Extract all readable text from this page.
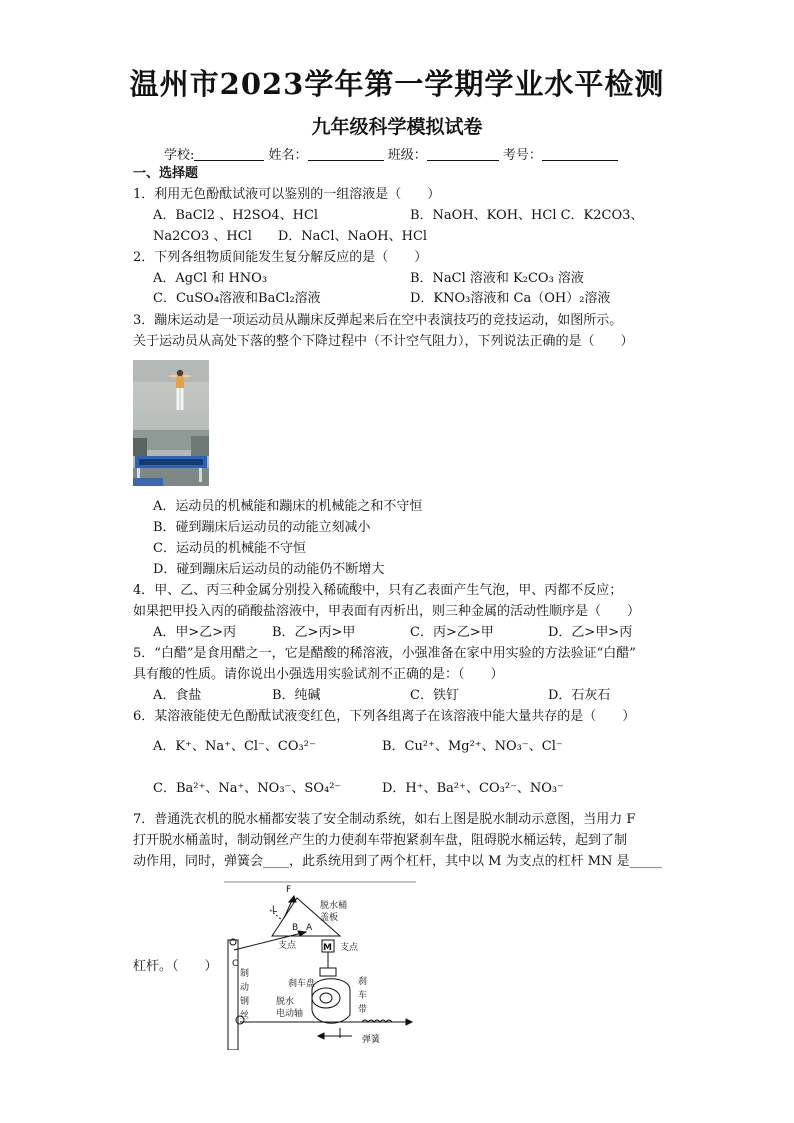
温州市2023学年第一学期学业水平检测
九年级科学模拟试卷
学校:	姓名：	班级：	考号：
一、选择题
1．利用无色酚酞试液可以鉴别的一组溶液是（　　）
A．BaCl2 、H2SO4、HCl	B．NaOH、KOH、HCl C．K2CO3、
Na2CO3 、HCl　　D．NaCl、NaOH、HCl
2．下列各组物质间能发生复分解反应的是（　　）
A．AgCl 和 HNO₃	B．NaCl 溶液和 K₂CO₃ 溶液
C．CuSO₄溶液和BaCl₂溶液	D．KNO₃溶液和 Ca（OH）₂溶液
3．蹦床运动是一项运动员从蹦床反弹起来后在空中表演技巧的竞技运动，如图所示。
关于运动员从高处下落的整个下降过程中（不计空气阻力），下列说法正确的是（　　）
A．运动员的机械能和蹦床的机械能之和不守恒
B．碰到蹦床后运动员的动能立刻减小
C．运动员的机械能不守恒
D．碰到蹦床后运动员的动能仍不断增大
4．甲、乙、丙三种金属分别投入稀硫酸中，只有乙表面产生气泡，甲、丙都不反应；
如果把甲投入丙的硝酸盐溶液中，甲表面有丙析出，则三种金属的活动性顺序是（　　）
A．甲>乙>丙	B．乙>丙>甲	C．丙>乙>甲	D．乙>甲>丙
5．“白醋”是食用醋之一，它是醋酸的稀溶液，小强准备在家中用实验的方法验证“白醋”
具有酸的性质。请你说出小强选用实验试剂不正确的是：（　　）
A．食盐	B．纯碱	C．铁钉	D．石灰石
6．某溶液能使无色酚酞试液变红色，下列各组离子在该溶液中能大量共存的是（　　）
A．K⁺、Na⁺、Cl⁻、CO₃²⁻	B．Cu²⁺、Mg²⁺、NO₃⁻、Cl⁻
C．Ba²⁺、Na⁺、NO₃⁻、SO₄²⁻	D．H⁺、Ba²⁺、CO₃²⁻、NO₃⁻
7．普通洗衣机的脱水桶都安装了安全制动系统，如右上图是脱水制动示意图，当用力 F
打开脱水桶盖时，制动钢丝产生的力使刹车带抱紧刹车盘，阻碍脱水桶运转，起到了制
动作用，同时，弹簧会____，此系统用到了两个杠杆，其中以 M 为支点的杠杆 MN 是_____
杠杆。（　　）
F
L
B A
脱水桶
盖板
支点	M 支点
C
制
动
钢
丝
刹车盘
脱水
电动轴
刹
车
带
弹簧
